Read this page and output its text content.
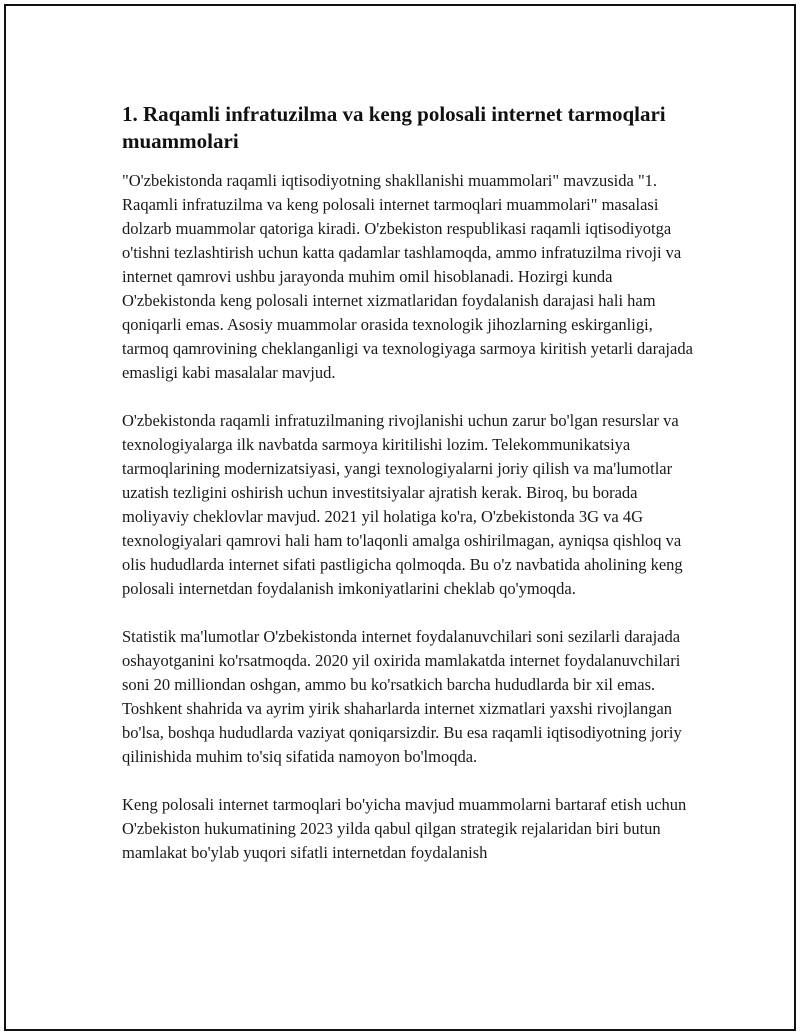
1. Raqamli infratuzilma va keng polosali internet tarmoqlari muammolari

"O'zbekistonda raqamli iqtisodiyotning shakllanishi muammolari" mavzusida "1. Raqamli infratuzilma va keng polosali internet tarmoqlari muammolari" masalasi dolzarb muammolar qatoriga kiradi. O'zbekiston respublikasi raqamli iqtisodiyotga o'tishni tezlashtirish uchun katta qadamlar tashlamoqda, ammo infratuzilma rivoji va internet qamrovi ushbu jarayonda muhim omil hisoblanadi. Hozirgi kunda O'zbekistonda keng polosali internet xizmatlaridan foydalanish darajasi hali ham qoniqarli emas. Asosiy muammolar orasida texnologik jihozlarning eskirganligi, tarmoq qamrovining cheklanganligi va texnologiyaga sarmoya kiritish yetarli darajada emasligi kabi masalalar mavjud.

O'zbekistonda raqamli infratuzilmaning rivojlanishi uchun zarur bo'lgan resurslar va texnologiyalarga ilk navbatda sarmoya kiritilishi lozim. Telekommunikatsiya tarmoqlarining modernizatsiyasi, yangi texnologiyalarni joriy qilish va ma'lumotlar uzatish tezligini oshirish uchun investitsiyalar ajratish kerak. Biroq, bu borada moliyaviy cheklovlar mavjud. 2021 yil holatiga ko'ra, O'zbekistonda 3G va 4G texnologiyalari qamrovi hali ham to'laqonli amalga oshirilmagan, ayniqsa qishloq va olis hududlarda internet sifati pastligicha qolmoqda. Bu o'z navbatida aholining keng polosali internetdan foydalanish imkoniyatlarini cheklab qo'ymoqda.

Statistik ma'lumotlar O'zbekistonda internet foydalanuvchilari soni sezilarli darajada oshayotganini ko'rsatmoqda. 2020 yil oxirida mamlakatda internet foydalanuvchilari soni 20 milliondan oshgan, ammo bu ko'rsatkich barcha hududlarda bir xil emas. Toshkent shahrida va ayrim yirik shaharlarda internet xizmatlari yaxshi rivojlangan bo'lsa, boshqa hududlarda vaziyat qoniqarsizdir. Bu esa raqamli iqtisodiyotning joriy qilinishida muhim to'siq sifatida namoyon bo'lmoqda.

Keng polosali internet tarmoqlari bo'yicha mavjud muammolarni bartaraf etish uchun O'zbekiston hukumatining 2023 yilda qabul qilgan strategik rejalaridan biri butun mamlakat bo'ylab yuqori sifatli internetdan foydalanish
